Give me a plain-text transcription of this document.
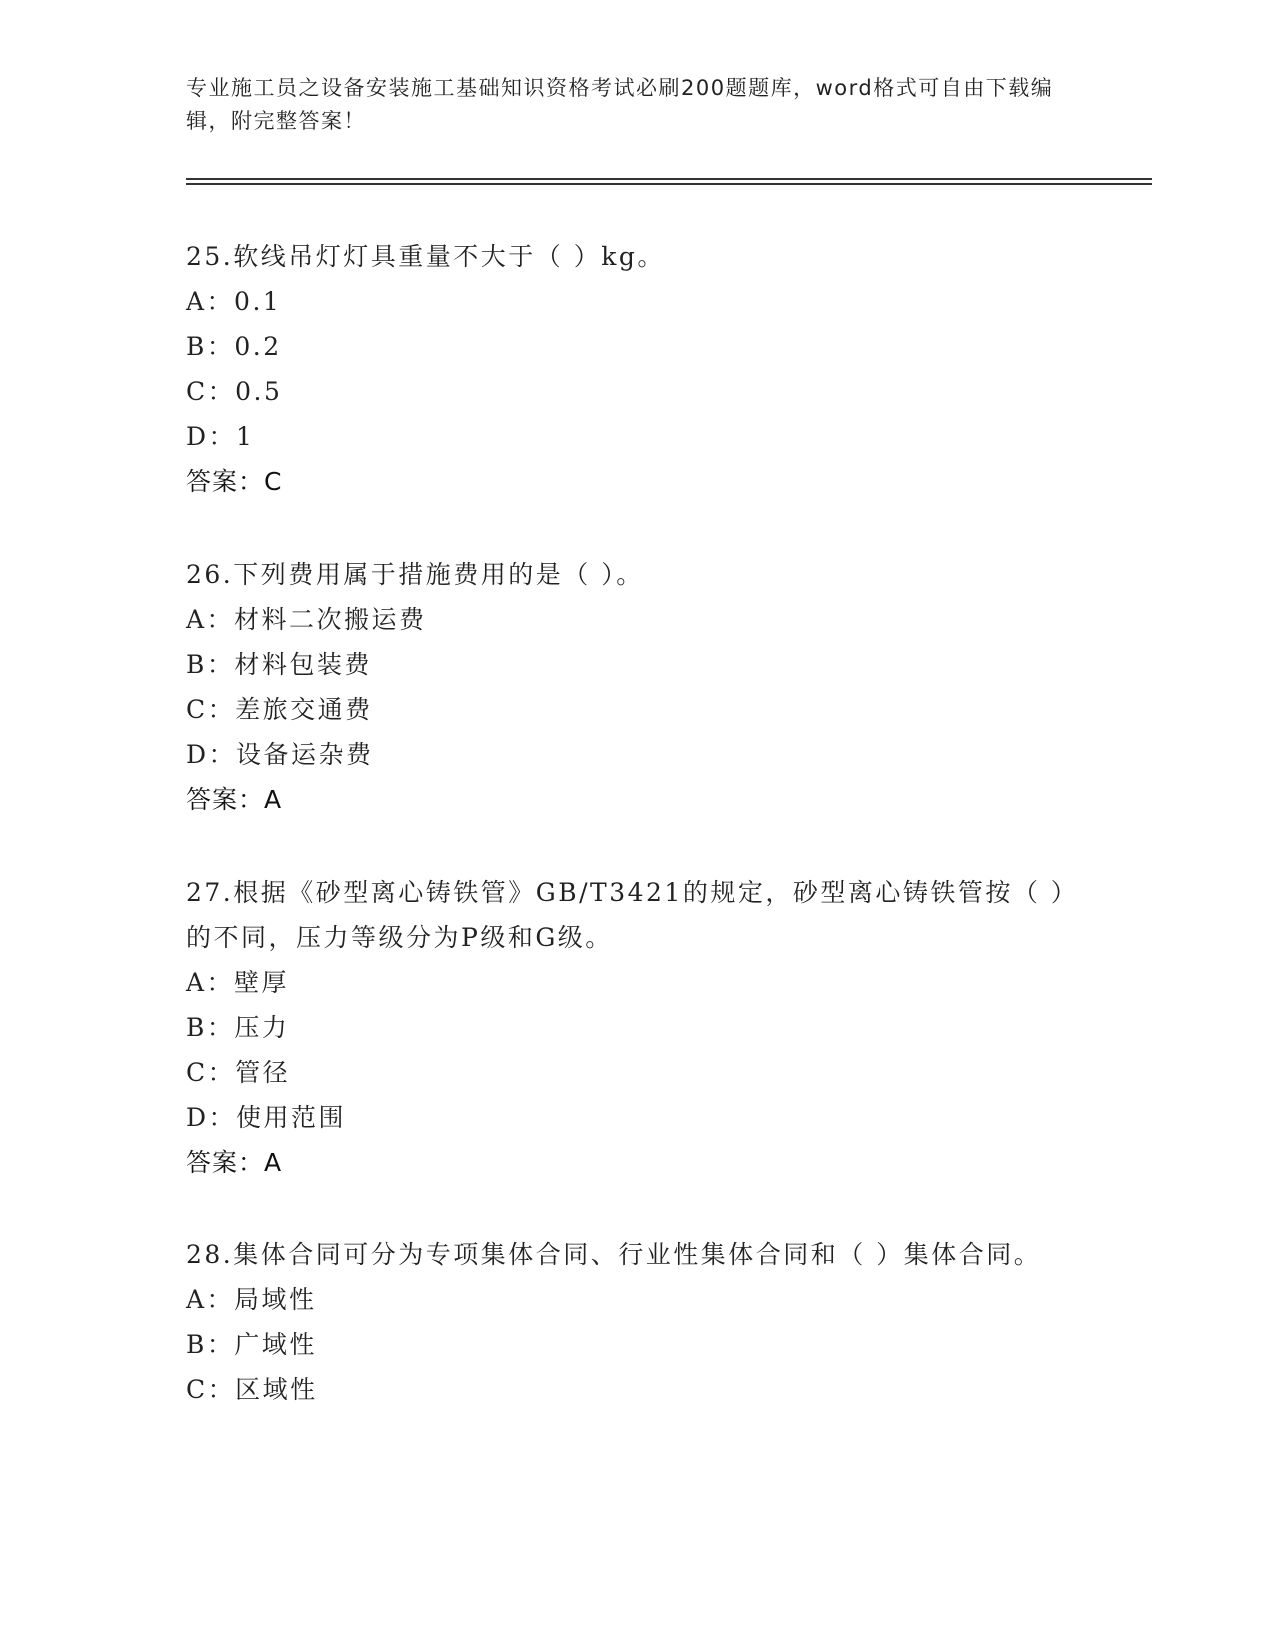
专业施工员之设备安装施工基础知识资格考试必刷200题题库，word格式可自由下载编辑，附完整答案！

25.软线吊灯灯具重量不大于（ ）kg。

A：0.1

B：0.2

C：0.5

D：1

答案：C

26.下列费用属于措施费用的是（ ）。

A：材料二次搬运费

B：材料包装费

C：差旅交通费

D：设备运杂费

答案：A

27.根据《砂型离心铸铁管》GB/T3421的规定，砂型离心铸铁管按（ ）的不同，压力等级分为P级和G级。

A：壁厚

B：压力

C：管径

D：使用范围

答案：A

28.集体合同可分为专项集体合同、行业性集体合同和（ ）集体合同。

A：局域性

B：广域性

C：区域性
